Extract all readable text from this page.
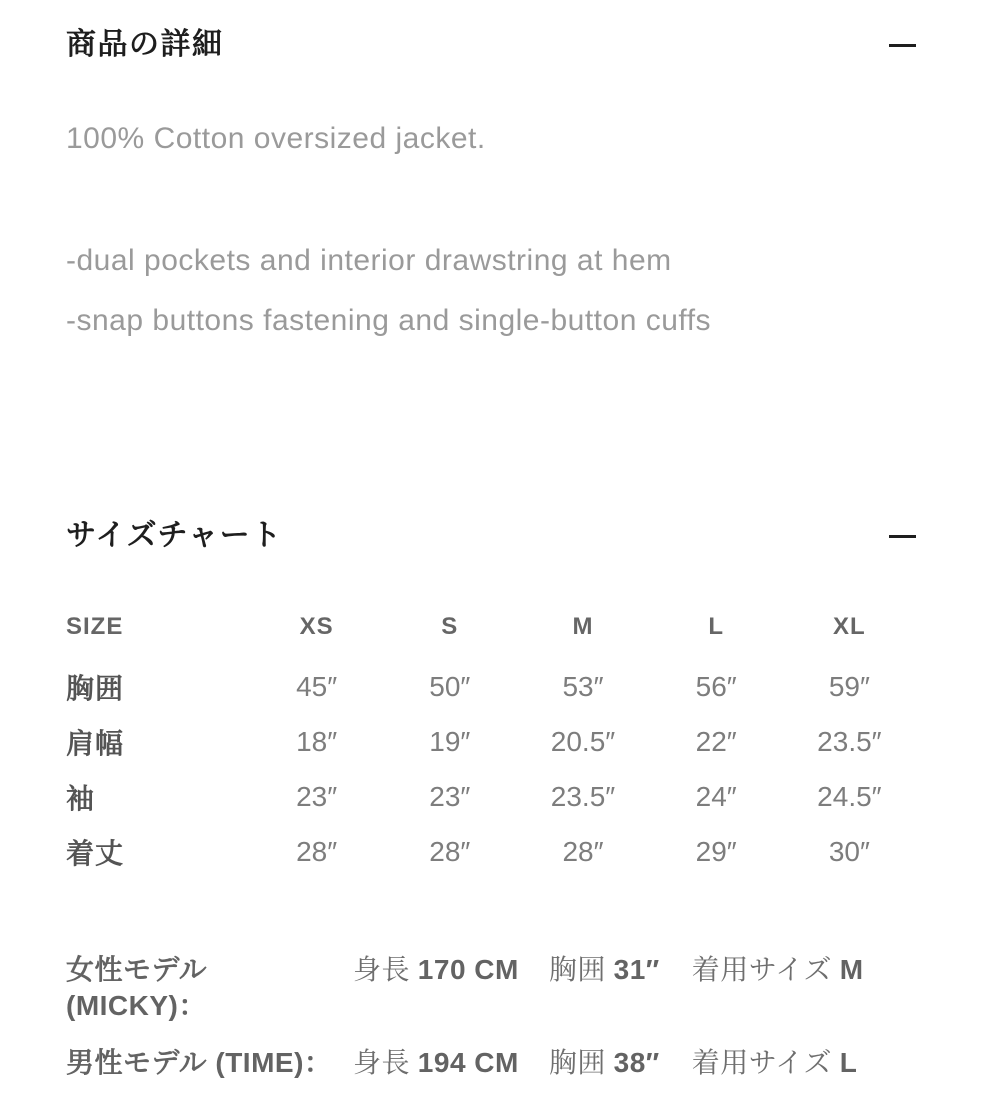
商品の詳細

100% Cotton oversized jacket.

-dual pockets and interior drawstring at hem

-snap buttons fastening and single-button cuffs

サイズチャート
SIZE	XS	S	M	L	XL
胸囲	45″	50″	53″	56″	59″
肩幅	18″	19″	20.5″	22″	23.5″
袖	23″	23″	23.5″	24″	24.5″
着丈	28″	28″	28″	29″	30″
女性モデル (MICKY)：
身長 170 CM 胸囲 31″ 着用サイズ M
男性モデル (TIME)： 身長 194 CM 胸囲 38″ 着用サイズ L
